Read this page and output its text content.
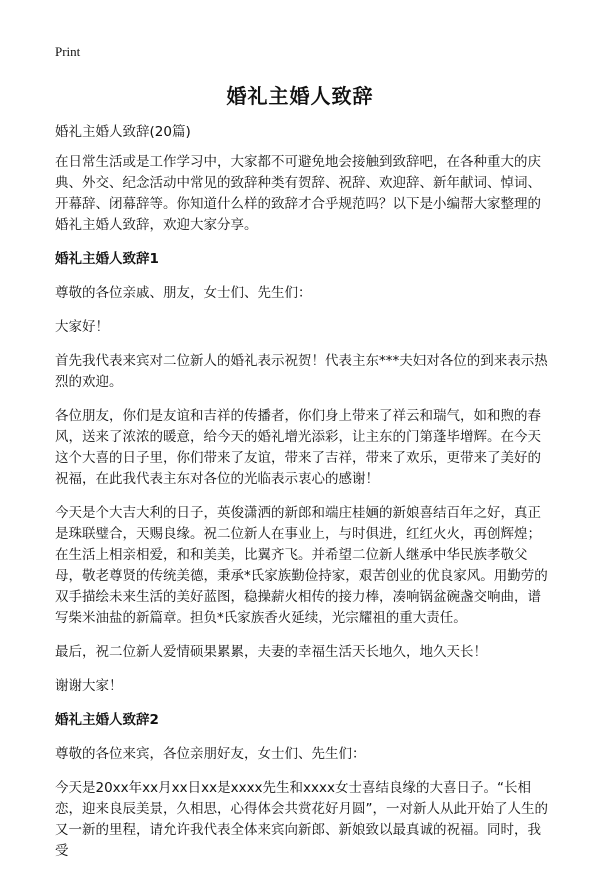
Print
婚礼主婚人致辞
婚礼主婚人致辞(20篇)

在日常生活或是工作学习中，大家都不可避免地会接触到致辞吧，在各种重大的庆典、外交、纪念活动中常见的致辞种类有贺辞、祝辞、欢迎辞、新年献词、悼词、开幕辞、闭幕辞等。你知道什么样的致辞才合乎规范吗？以下是小编帮大家整理的婚礼主婚人致辞，欢迎大家分享。

婚礼主婚人致辞1

尊敬的各位亲戚、朋友，女士们、先生们：

大家好！

首先我代表来宾对二位新人的婚礼表示祝贺！代表主东***夫妇对各位的到来表示热烈的欢迎。

各位朋友，你们是友谊和吉祥的传播者，你们身上带来了祥云和瑞气，如和煦的春风，送来了浓浓的暖意，给今天的婚礼增光添彩，让主东的门第蓬毕增辉。在今天这个大喜的日子里，你们带来了友谊，带来了吉祥，带来了欢乐，更带来了美好的祝福，在此我代表主东对各位的光临表示衷心的感谢！

今天是个大吉大利的日子，英俊潇洒的新郎和端庄桂婳的新娘喜结百年之好，真正是珠联璧合，天赐良缘。祝二位新人在事业上，与时俱进，红红火火，再创辉煌；在生活上相亲相爱，和和美美，比翼齐飞。并希望二位新人继承中华民族孝敬父母，敬老尊贤的传统美德，秉承*氏家族勤俭持家，艰苦创业的优良家风。用勤劳的双手描绘未来生活的美好蓝图，稳操薪火相传的接力棒，凑响锅盆碗盏交响曲，谱写柴米油盐的新篇章。担负*氏家族香火延续，光宗耀祖的重大责任。

最后，祝二位新人爱情硕果累累，夫妻的幸福生活天长地久，地久天长！

谢谢大家！

婚礼主婚人致辞2

尊敬的各位来宾，各位亲朋好友，女士们、先生们：

今天是20xx年xx月xx日xx是xxxx先生和xxxx女士喜结良缘的大喜日子。“长相恋，迎来良辰美景，久相思，心得体会共赏花好月圆”，一对新人从此开始了人生的又一新的里程，请允许我代表全体来宾向新郎、新娘致以最真诚的祝福。同时，我受
